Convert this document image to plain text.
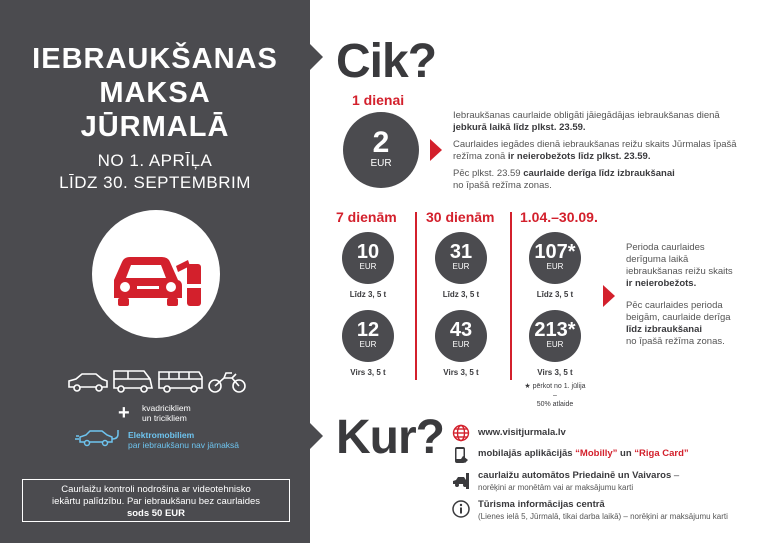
IEBRAUKŠANAS
MAKSA
JŪRMALĀ
NO 1. APRĪĻA
LĪDZ 30. SEPTEMBRIM
+ kvadricikliem
un tricikliem
Elektromobiliem
par iebraukšanu nav jāmaksā
Caurlaižu kontroli nodrošina ar videotehnisko
iekārtu palīdzību. Par iebraukšanu bez caurlaides
sods 50 EUR
Cik?
1 dienai
2
EUR
Iebraukšanas caurlaide obligāti jāiegādājas iebraukšanas dienā
jebkurā laikā līdz plkst. 23.59.
Caurlaides iegādes dienā iebraukšanas reižu skaits Jūrmalas īpašā
režīma zonā ir neierobežots līdz plkst. 23.59.
Pēc plkst. 23.59 caurlaide derīga līdz izbraukšanai
no īpašā režīma zonas.
7 dienām 30 dienām 1.04.–30.09.
10
EUR
Līdz 3, 5 t
12
EUR
Virs 3, 5 t
31
EUR
Līdz 3, 5 t
43
EUR
Virs 3, 5 t
107*
EUR
Līdz 3, 5 t
213*
EUR
Virs 3, 5 t
★ pērkot no 1. jūlija –
50% atlaide
Perioda caurlaides
derīguma laikā
iebraukšanas reižu skaits
ir neierobežots.
Pēc caurlaides perioda
beigām, caurlaide derīga
līdz izbraukšanai
no īpašā režīma zonas.
Kur?	www.visitjurmala.lv
mobilajās aplikācijās “Mobilly” un “Riga Card”
caurlaižu automātos Priedainē un Vaivaros –
norēķini ar monētām vai ar maksājumu karti
Tūrisma informācijas centrā
(Lienes ielā 5, Jūrmalā, tikai darba laikā) – norēķini ar maksājumu karti
